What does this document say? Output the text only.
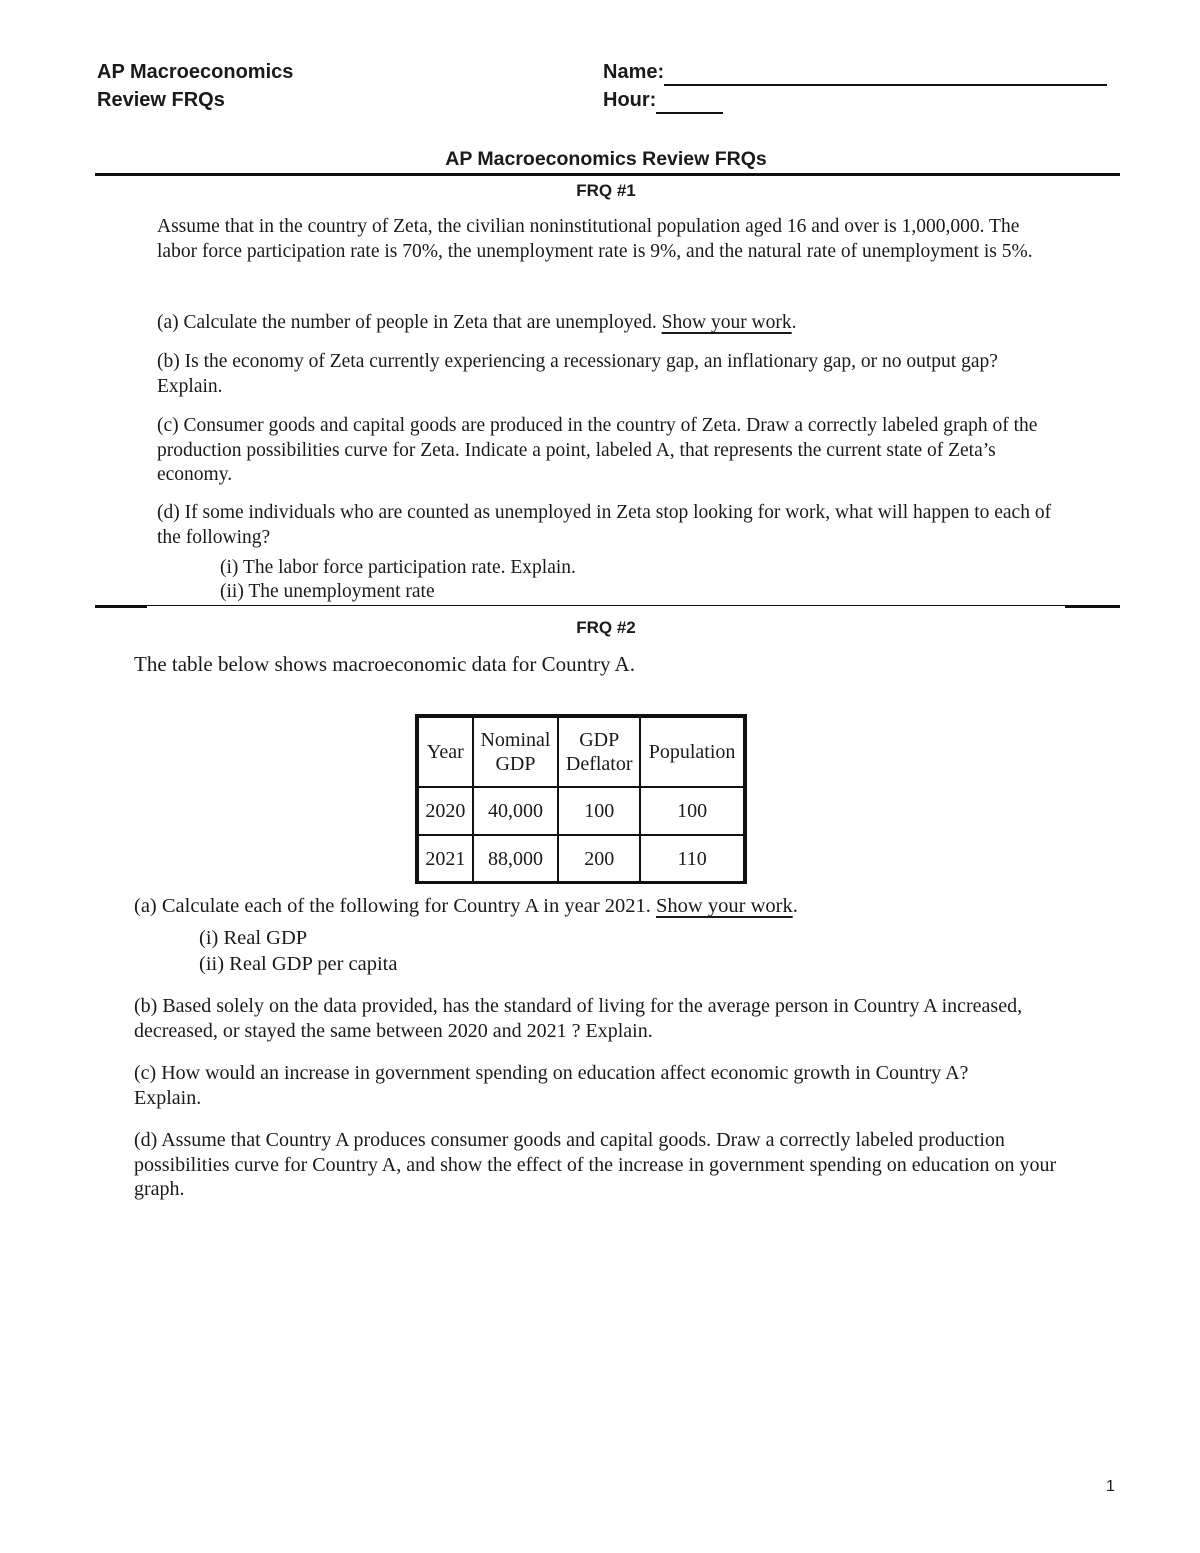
AP Macroeconomics
Review FRQs
Name:
Hour:
AP Macroeconomics Review FRQs
FRQ #1
Assume that in the country of Zeta, the civilian noninstitutional population aged 16 and over is 1,000,000. The labor force participation rate is 70%, the unemployment rate is 9%, and the natural rate of unemployment is 5%.
(a) Calculate the number of people in Zeta that are unemployed. Show your work.
(b) Is the economy of Zeta currently experiencing a recessionary gap, an inflationary gap, or no output gap? Explain.
(c) Consumer goods and capital goods are produced in the country of Zeta. Draw a correctly labeled graph of the production possibilities curve for Zeta. Indicate a point, labeled A, that represents the current state of Zeta’s economy.
(d) If some individuals who are counted as unemployed in Zeta stop looking for work, what will happen to each of the following?
(i) The labor force participation rate. Explain.
(ii) The unemployment rate
FRQ #2
The table below shows macroeconomic data for Country A.
Year	Nominal GDP	GDP Deflator	Population
2020	40,000	100	100
2021	88,000	200	110
(a) Calculate each of the following for Country A in year 2021. Show your work.
(i) Real GDP
(ii) Real GDP per capita
(b) Based solely on the data provided, has the standard of living for the average person in Country A increased, decreased, or stayed the same between 2020 and 2021 ? Explain.
(c) How would an increase in government spending on education affect economic growth in Country A? Explain.
(d) Assume that Country A produces consumer goods and capital goods. Draw a correctly labeled production possibilities curve for Country A, and show the effect of the increase in government spending on education on your graph.
1
